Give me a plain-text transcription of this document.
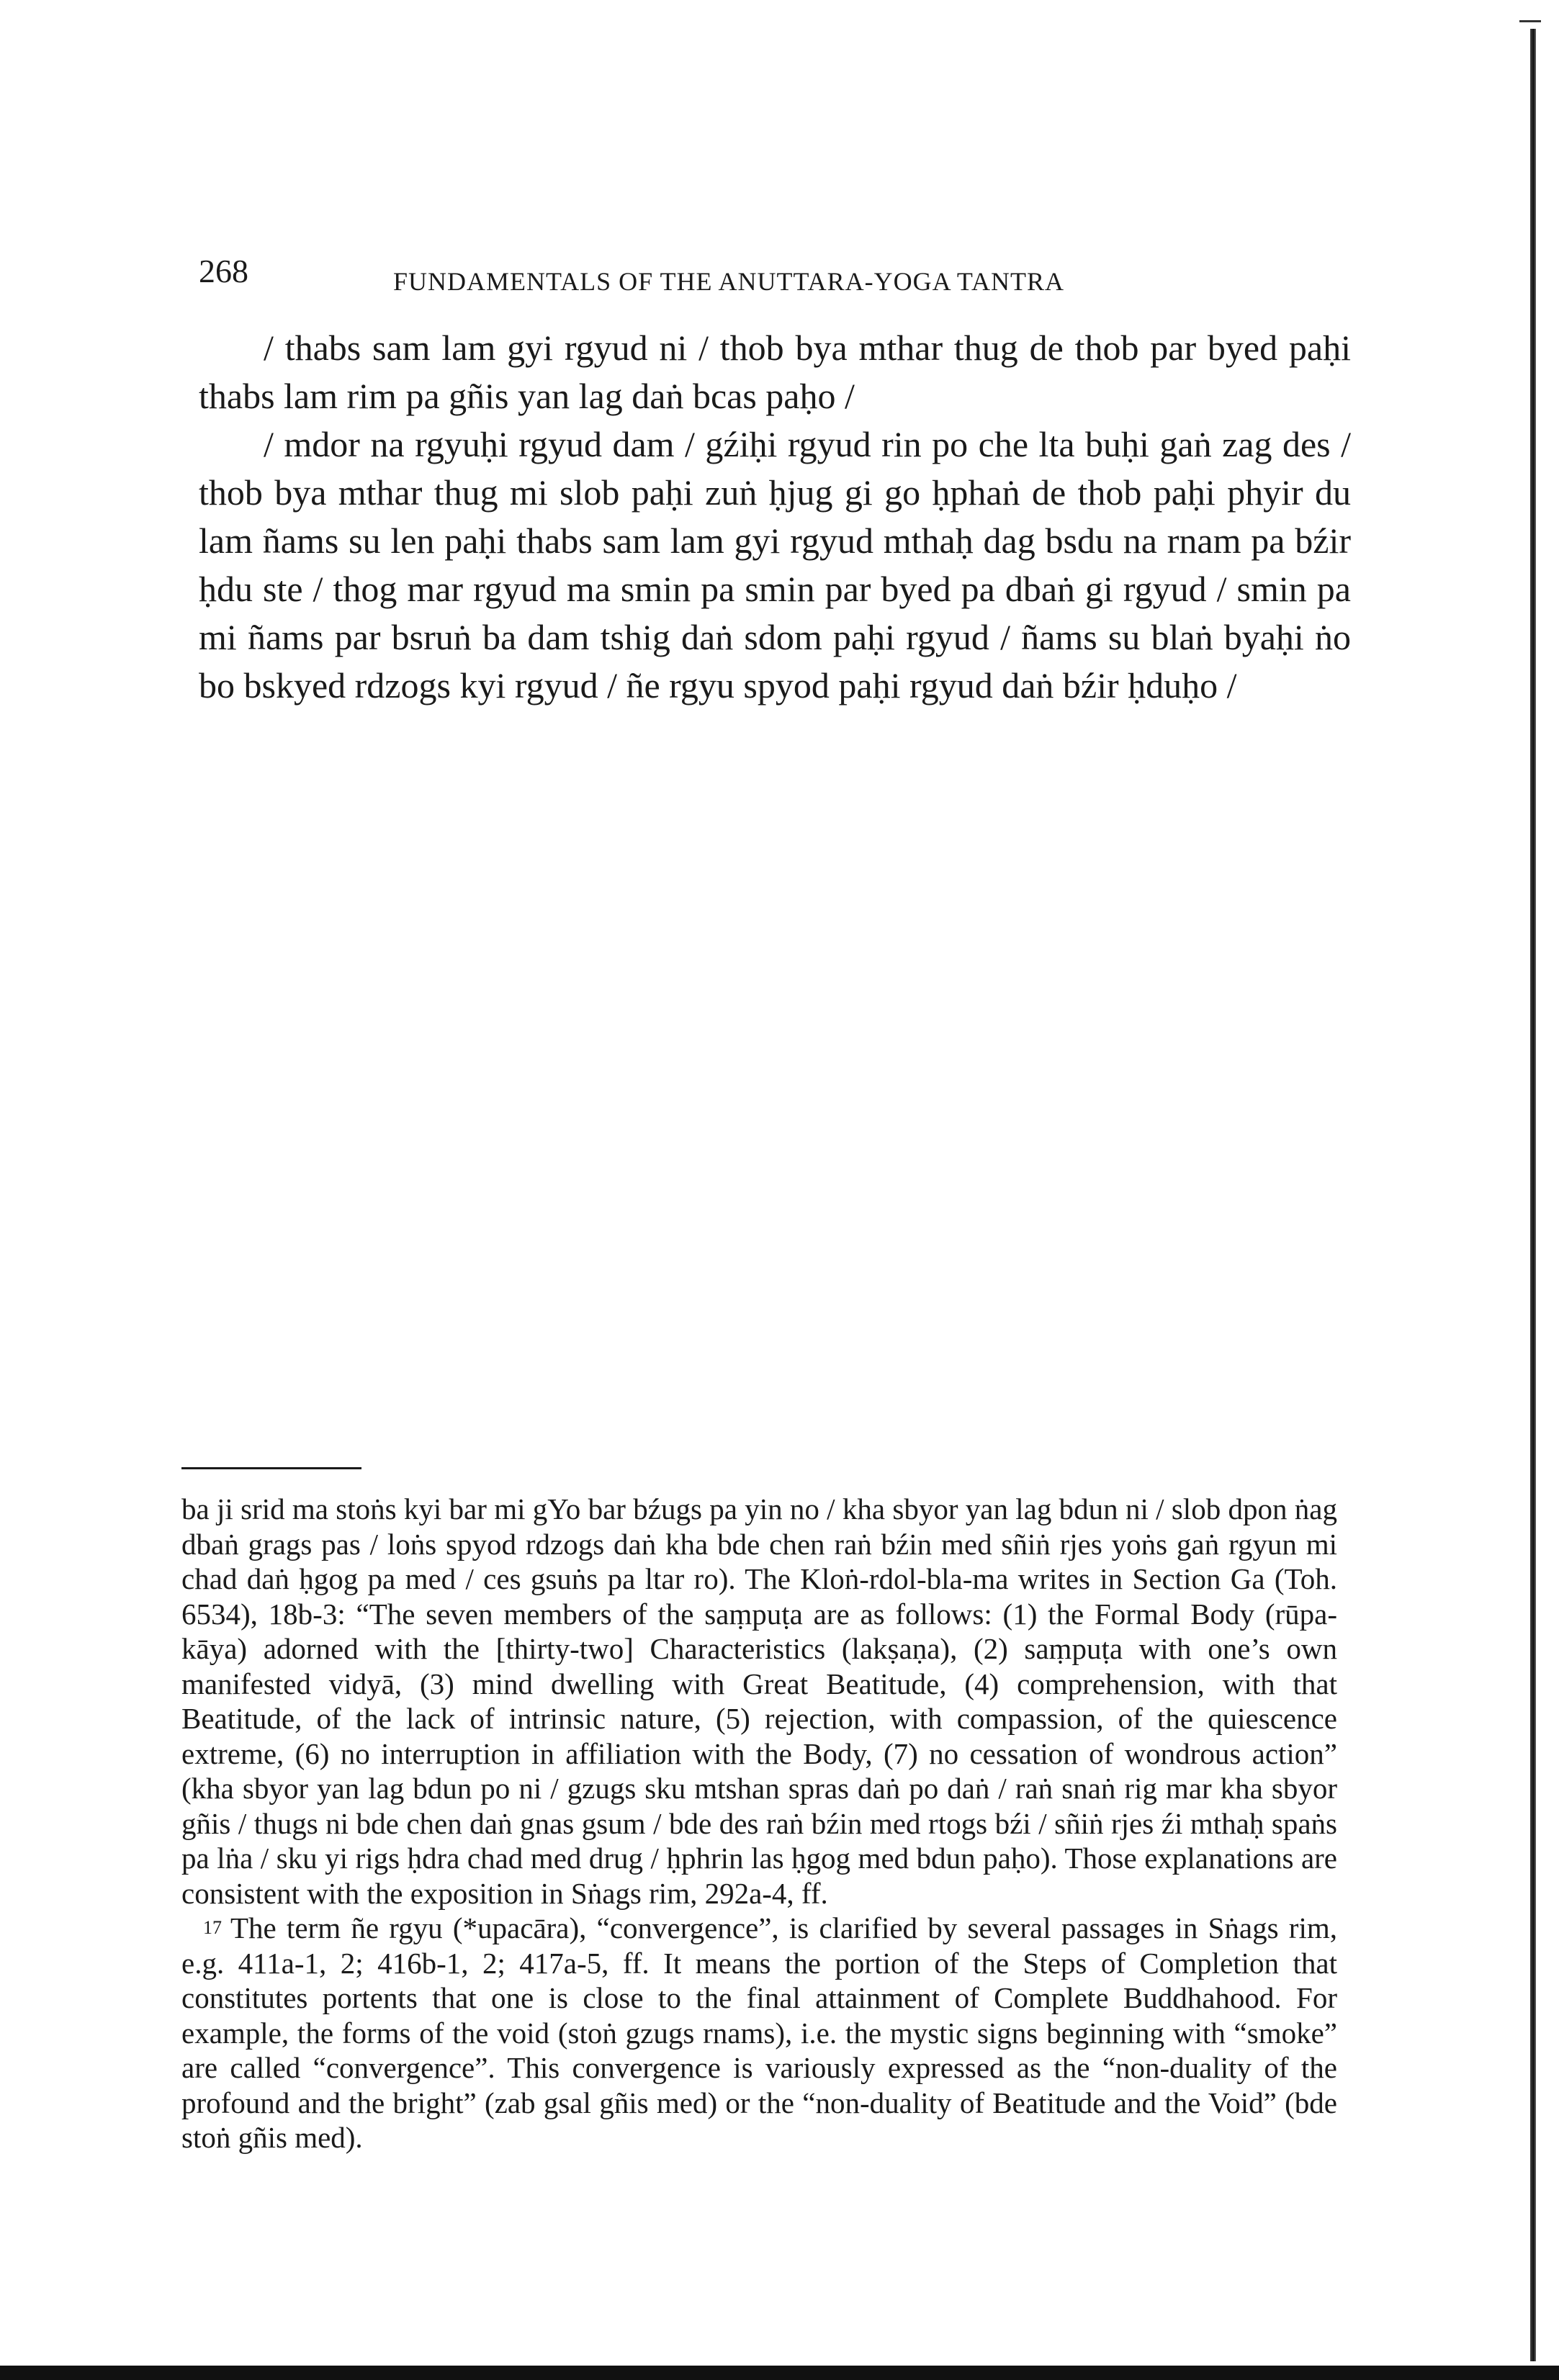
268	FUNDAMENTALS OF THE ANUTTARA-YOGA TANTRA

/ thabs sam lam gyi rgyud ni / thob bya mthar thug de thob par byed paḥi thabs lam rim pa gñis yan lag daṅ bcas paḥo /

/ mdor na rgyuḥi rgyud dam / gźiḥi rgyud rin po che lta buḥi gaṅ zag des / thob bya mthar thug mi slob paḥi zuṅ ḥjug gi go ḥphaṅ de thob paḥi phyir du lam ñams su len paḥi thabs sam lam gyi rgyud mthaḥ dag bsdu na rnam pa bźir ḥdu ste / thog mar rgyud ma smin pa smin par byed pa dbaṅ gi rgyud / smin pa mi ñams par bsruṅ ba dam tshig daṅ sdom paḥi rgyud / ñams su blaṅ byaḥi ṅo bo bskyed rdzogs kyi rgyud / ñe rgyu spyod paḥi rgyud daṅ bźir ḥduḥo /

ba ji srid ma stoṅs kyi bar mi gYo bar bźugs pa yin no / kha sbyor yan lag bdun ni / slob dpon ṅag dbaṅ grags pas / loṅs spyod rdzogs daṅ kha bde chen raṅ bźin med sñiṅ rjes yoṅs gaṅ rgyun mi chad daṅ ḥgog pa med / ces gsuṅs pa ltar ro). The Kloṅ-rdol-bla-ma writes in Section Ga (Toh. 6534), 18b-3: “The seven members of the saṃpuṭa are as follows: (1) the Formal Body (rūpa-kāya) adorned with the [thirty-two] Characteristics (lakṣaṇa), (2) saṃpuṭa with one’s own manifested vidyā, (3) mind dwelling with Great Beatitude, (4) comprehension, with that Beatitude, of the lack of intrinsic nature, (5) rejection, with compassion, of the quiescence extreme, (6) no interruption in affiliation with the Body, (7) no cessation of wondrous action” (kha sbyor yan lag bdun po ni / gzugs sku mtshan spras daṅ po daṅ / raṅ snaṅ rig mar kha sbyor gñis / thugs ni bde chen daṅ gnas gsum / bde des raṅ bźin med rtogs bźi / sñiṅ rjes źi mthaḥ spaṅs pa lṅa / sku yi rigs ḥdra chad med drug / ḥphrin las ḥgog med bdun paḥo). Those explanations are consistent with the exposition in Sṅags rim, 292a-4, ff.

$^{17}$ The term ñe rgyu (*upacāra), “convergence”, is clarified by several passages in Sṅags rim, e.g. 411a-1, 2; 416b-1, 2; 417a-5, ff. It means the portion of the Steps of Completion that constitutes portents that one is close to the final attainment of Complete Buddhahood. For example, the forms of the void (stoṅ gzugs rnams), i.e. the mystic signs beginning with “smoke” are called “convergence”. This convergence is variously expressed as the “non-duality of the profound and the bright” (zab gsal gñis med) or the “non-duality of Beatitude and the Void” (bde stoṅ gñis med).
